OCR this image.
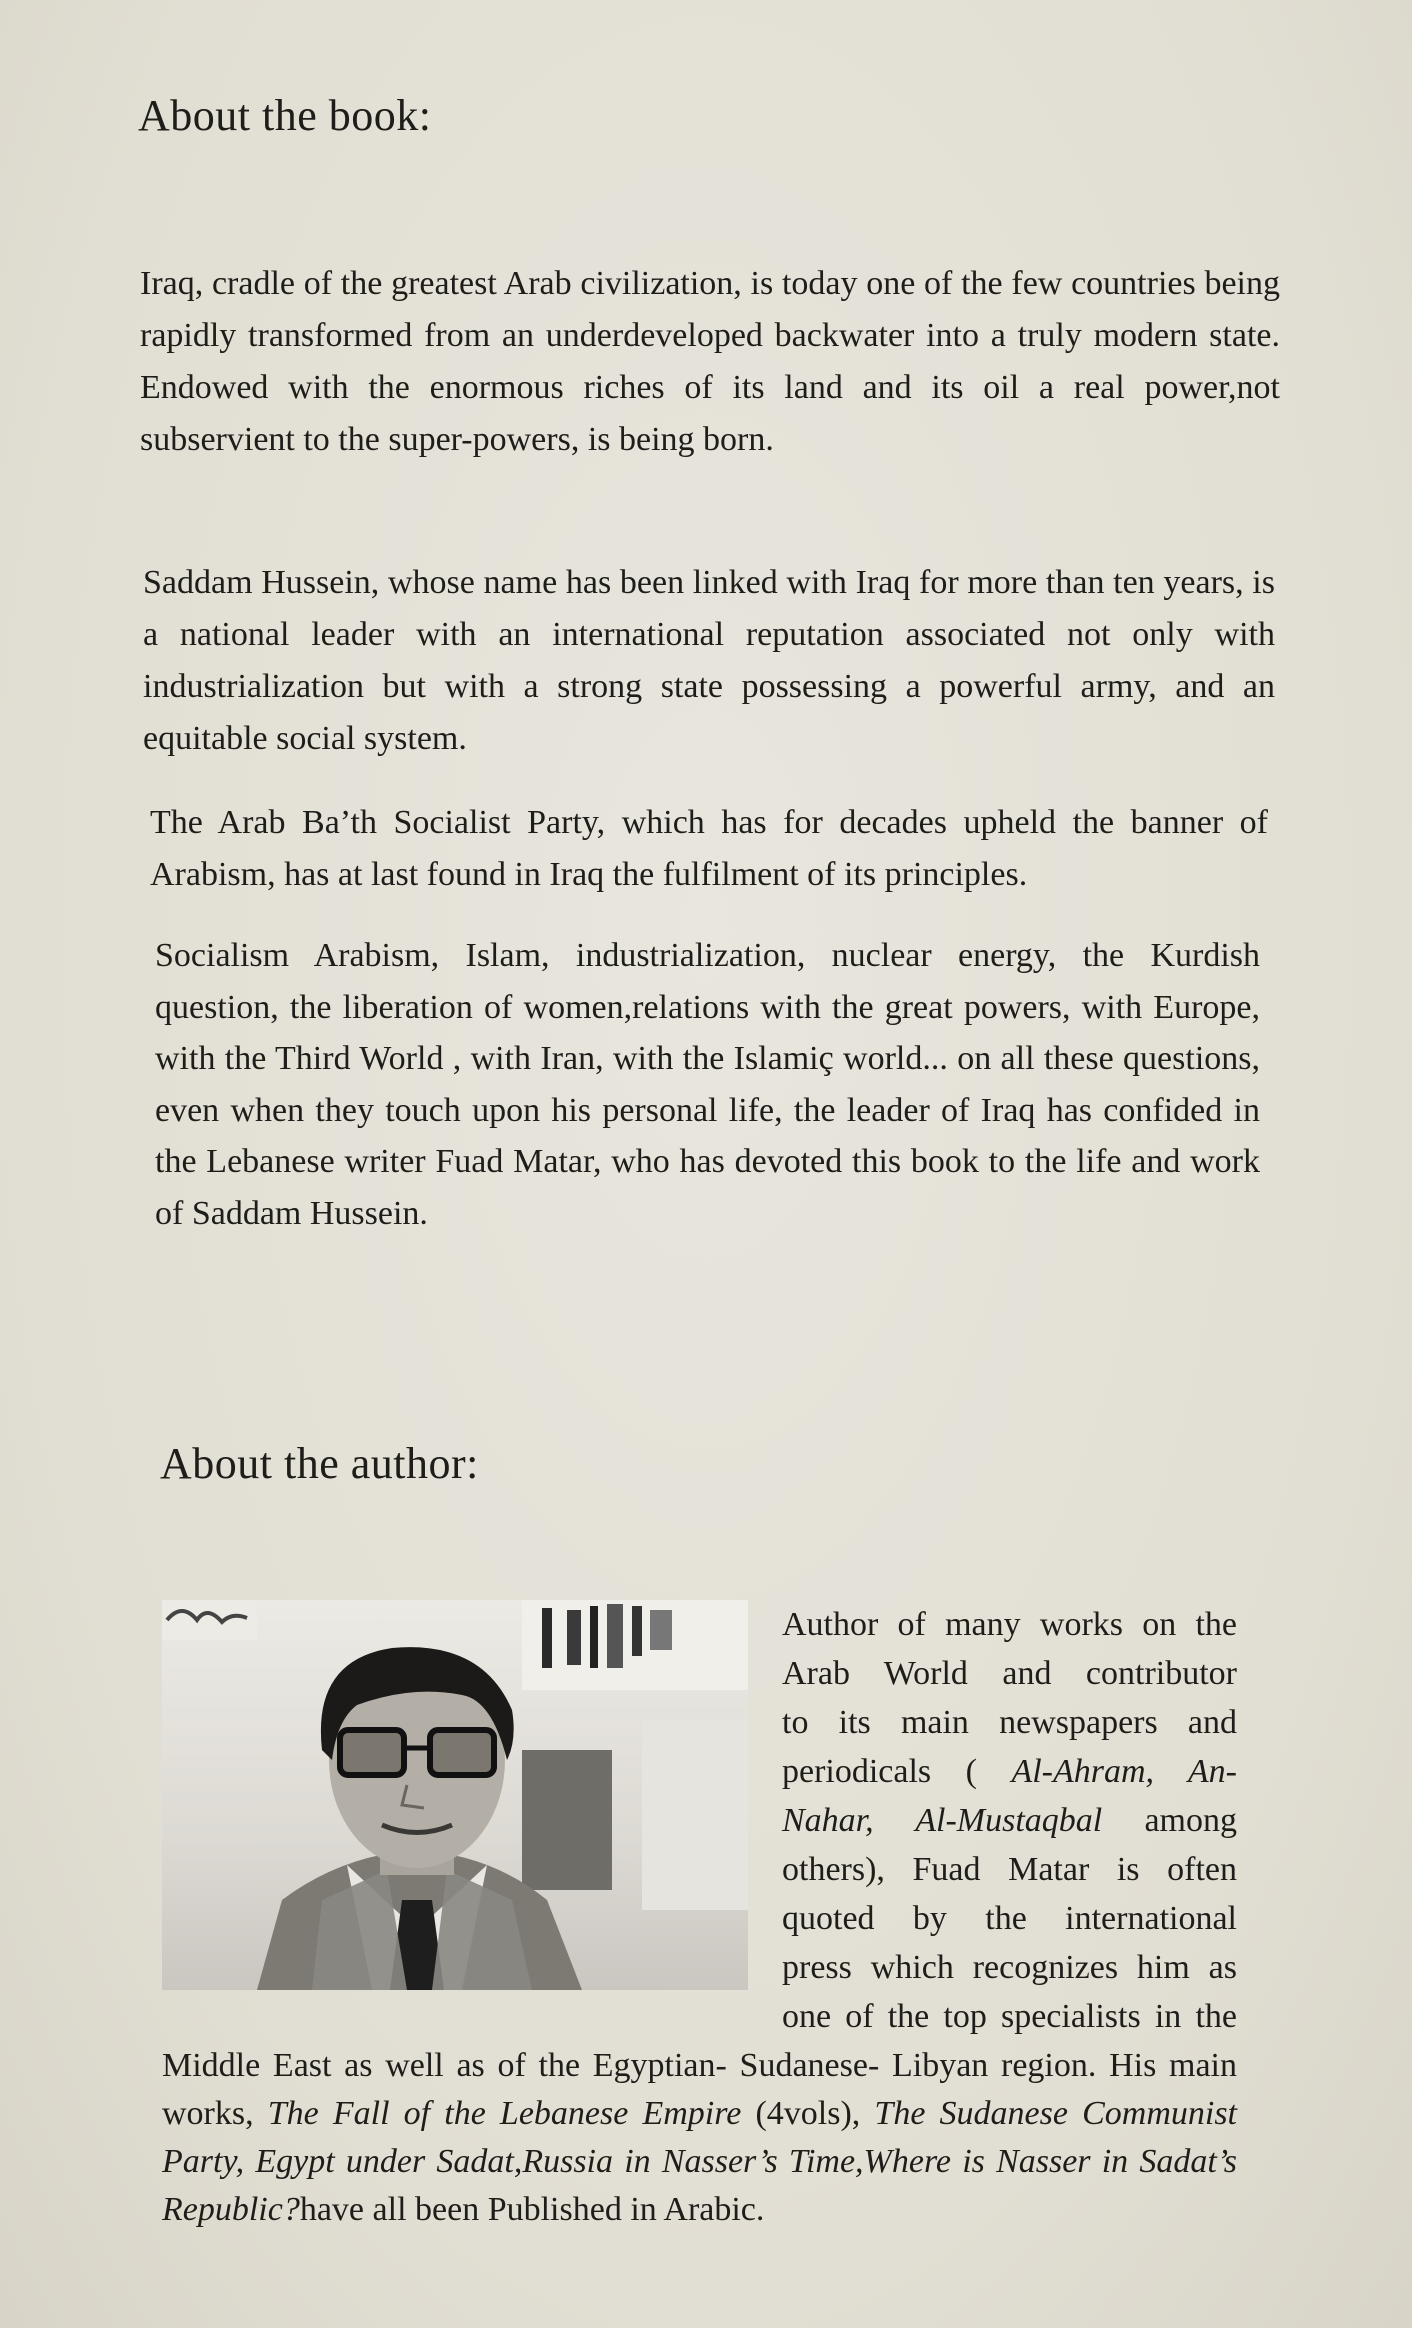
About the book:

Iraq, cradle of the greatest Arab civilization, is today one of the few countries being rapidly transformed from an underdeveloped backwater into a truly modern state. Endowed with the enormous riches of its land and its oil a real power,not subservient to the super-powers, is being born.

Saddam Hussein, whose name has been linked with Iraq for more than ten years, is a national leader with an international reputation associated not only with industrialization but with a strong state possessing a powerful army, and an equitable social system.

The Arab Ba’th Socialist Party, which has for decades upheld the banner of Arabism, has at last found in Iraq the fulfilment of its principles.

Socialism Arabism, Islam, industrialization, nuclear energy, the Kurdish question, the liberation of women,relations with the great powers, with Europe, with the Third World , with Iran, with the Islamiç world... on all these questions, even when they touch upon his personal life, the leader of Iraq has confided in the Lebanese writer Fuad Matar, who has devoted this book to the life and work of Saddam Hussein.

About the author:
Author of many works on the
Arab World and contributor
to its main newspapers and
periodicals ( Al-Ahram, An-
Nahar, Al-Mustaqbal among
others), Fuad Matar is often
quoted by the international
press which recognizes him as
one of the top specialists in the

Middle East as well as of the Egyptian- Sudanese- Libyan region. His main works, The Fall of the Lebanese Empire (4vols), The Sudanese Communist Party, Egypt under Sadat,Russia in Nasser’s Time,Where is Nasser in Sadat’s Republic?have all been Published in Arabic.
